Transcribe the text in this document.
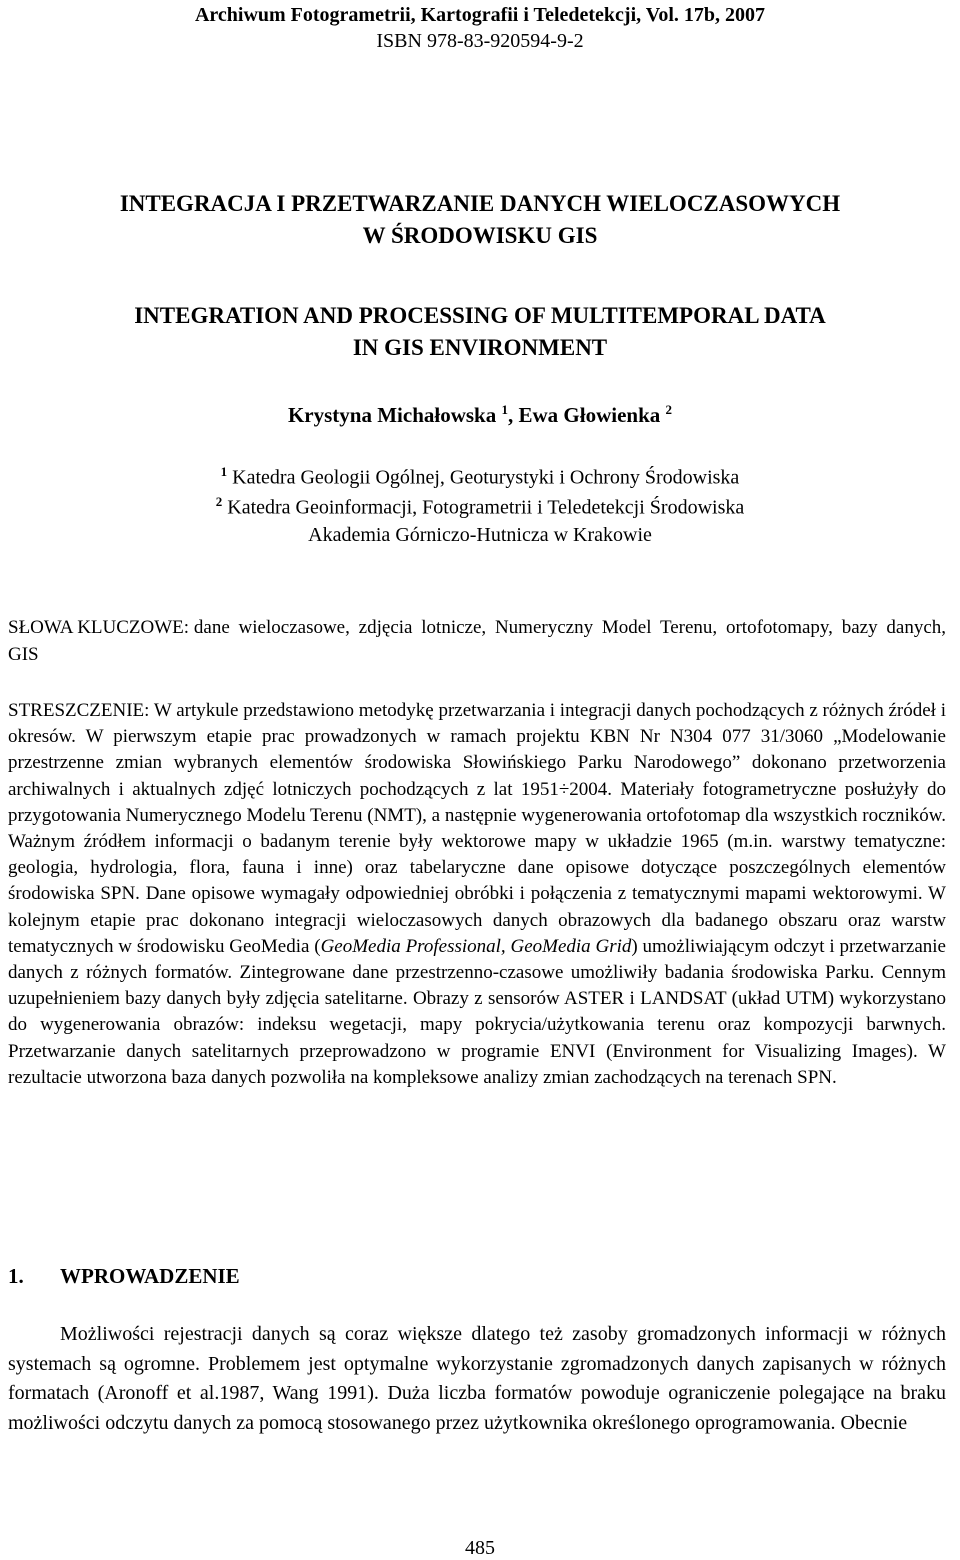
Archiwum Fotogrametrii, Kartografii i Teledetekcji, Vol. 17b, 2007
ISBN 978-83-920594-9-2
INTEGRACJA I PRZETWARZANIE DANYCH WIELOCZASOWYCH
W ŚRODOWISKU GIS
INTEGRATION AND PROCESSING OF MULTITEMPORAL DATA
IN GIS ENVIRONMENT
Krystyna Michałowska $^1$, Ewa Głowienka $^2$
$^1$ Katedra Geologii Ogólnej, Geoturystyki i Ochrony Środowiska
$^2$ Katedra Geoinformacji, Fotogrametrii i Teledetekcji Środowiska
Akademia Górniczo-Hutnicza w Krakowie
SŁOWA KLUCZOWE: dane wieloczasowe, zdjęcia lotnicze, Numeryczny Model Terenu, ortofotomapy, bazy danych, GIS
STRESZCZENIE: W artykule przedstawiono metodykę przetwarzania i integracji danych pochodzących z różnych źródeł i okresów. W pierwszym etapie prac prowadzonych w ramach projektu KBN Nr N304 077 31/3060 „Modelowanie przestrzenne zmian wybranych elementów środowiska Słowińskiego Parku Narodowego” dokonano przetworzenia archiwalnych i aktualnych zdjęć lotniczych pochodzących z lat 1951÷2004. Materiały fotogrametryczne posłużyły do przygotowania Numerycznego Modelu Terenu (NMT), a następnie wygenerowania ortofotomap dla wszystkich roczników. Ważnym źródłem informacji o badanym terenie były wektorowe mapy w układzie 1965 (m.in. warstwy tematyczne: geologia, hydrologia, flora, fauna i inne) oraz tabelaryczne dane opisowe dotyczące poszczególnych elementów środowiska SPN. Dane opisowe wymagały odpowiedniej obróbki i połączenia z tematycznymi mapami wektorowymi. W kolejnym etapie prac dokonano integracji wieloczasowych danych obrazowych dla badanego obszaru oraz warstw tematycznych w środowisku GeoMedia (GeoMedia Professional, GeoMedia Grid) umożliwiającym odczyt i przetwarzanie danych z różnych formatów. Zintegrowane dane przestrzenno-czasowe umożliwiły badania środowiska Parku. Cennym uzupełnieniem bazy danych były zdjęcia satelitarne. Obrazy z sensorów ASTER i LANDSAT (układ UTM) wykorzystano do wygenerowania obrazów: indeksu wegetacji, mapy pokrycia/użytkowania terenu oraz kompozycji barwnych. Przetwarzanie danych satelitarnych przeprowadzono w programie ENVI (Environment for Visualizing Images). W rezultacie utworzona baza danych pozwoliła na kompleksowe analizy zmian zachodzących na terenach SPN.
1. WPROWADZENIE
Możliwości rejestracji danych są coraz większe dlatego też zasoby gromadzonych informacji w różnych systemach są ogromne. Problemem jest optymalne wykorzystanie zgromadzonych danych zapisanych w różnych formatach (Aronoff et al.1987, Wang 1991). Duża liczba formatów powoduje ograniczenie polegające na braku możliwości odczytu danych za pomocą stosowanego przez użytkownika określonego oprogramowania. Obecnie
485
